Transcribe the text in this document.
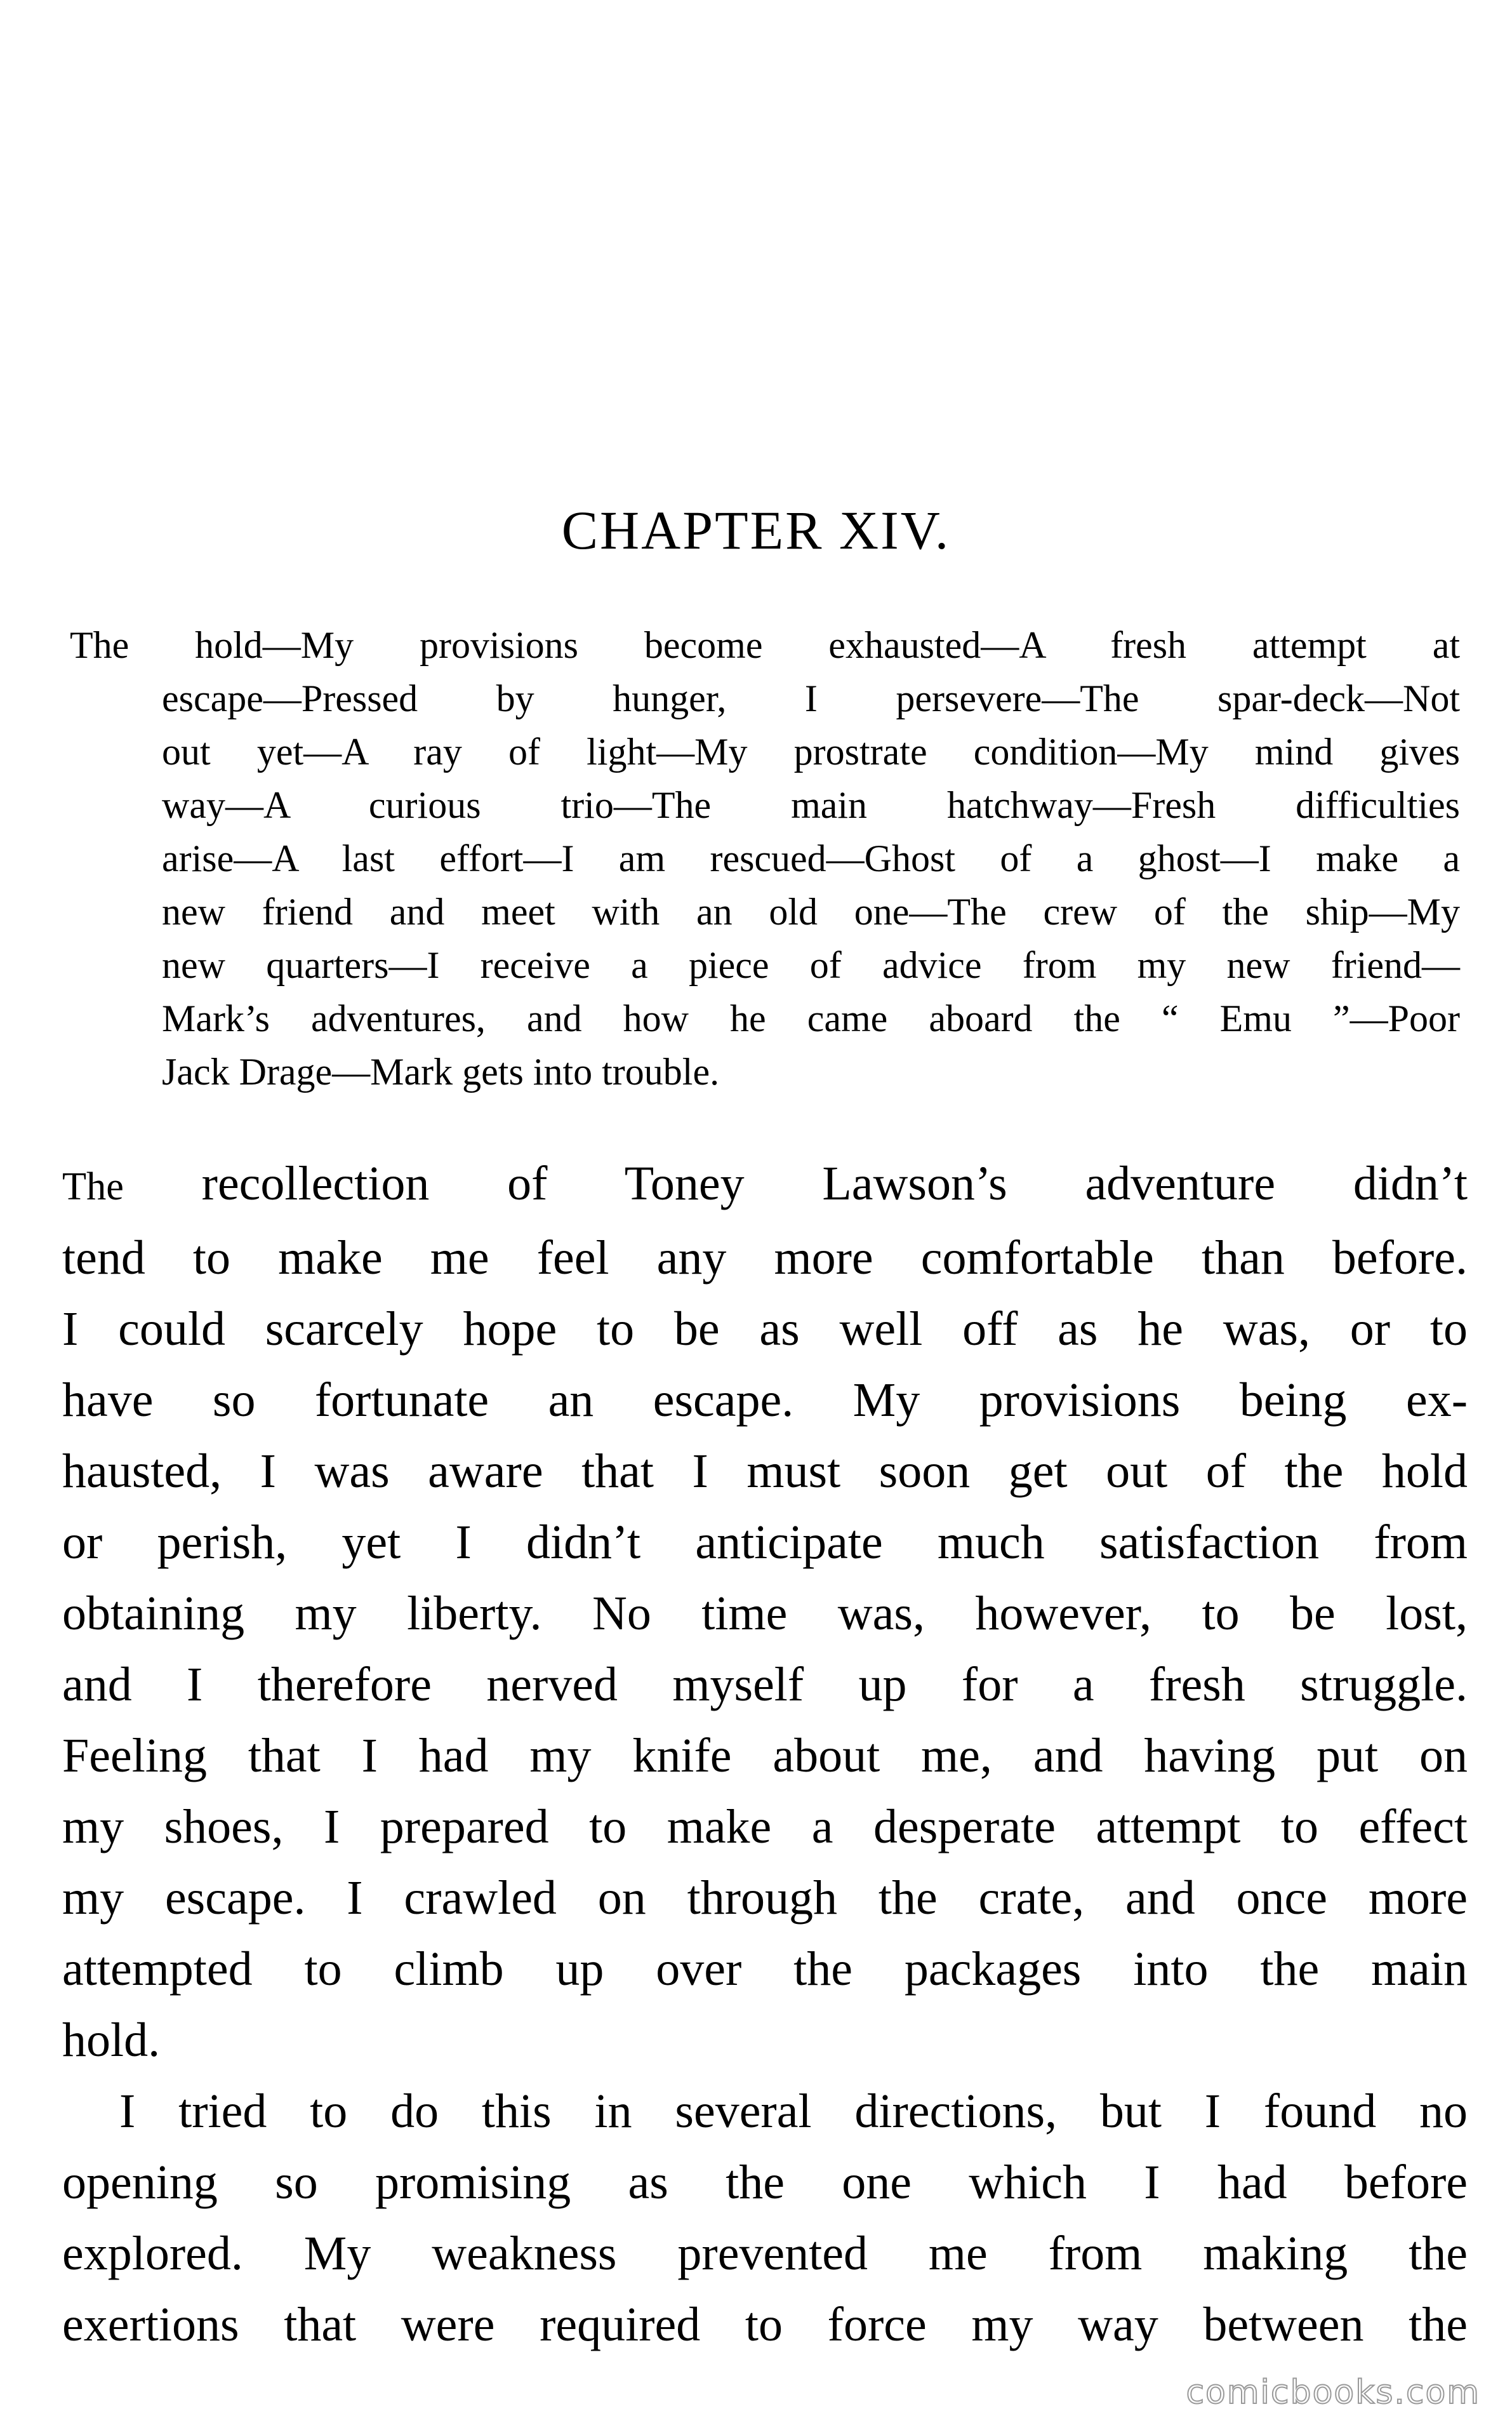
CHAPTER XIV.
The hold—My provisions become exhausted—A fresh attempt at
escape—Pressed by hunger, I persevere—The spar-deck—Not
out yet—A ray of light—My prostrate condition—My mind gives
way—A curious trio—The main hatchway—Fresh difficulties
arise—A last effort—I am rescued—Ghost of a ghost—I make a
new friend and meet with an old one—The crew of the ship—My
new quarters—I receive a piece of advice from my new friend—
Mark’s adventures, and how he came aboard the “ Emu ”—Poor
Jack Drage—Mark gets into trouble.
The recollection of Toney Lawson’s adventure didn’t
tend to make me feel any more comfortable than before.
I could scarcely hope to be as well off as he was, or to
have so fortunate an escape. My provisions being ex-
hausted, I was aware that I must soon get out of the hold
or perish, yet I didn’t anticipate much satisfaction from
obtaining my liberty. No time was, however, to be lost,
and I therefore nerved myself up for a fresh struggle.
Feeling that I had my knife about me, and having put on
my shoes, I prepared to make a desperate attempt to effect
my escape. I crawled on through the crate, and once more
attempted to climb up over the packages into the main
hold.
I tried to do this in several directions, but I found no
opening so promising as the one which I had before
explored. My weakness prevented me from making the
exertions that were required to force my way between the
comicbooks.com
